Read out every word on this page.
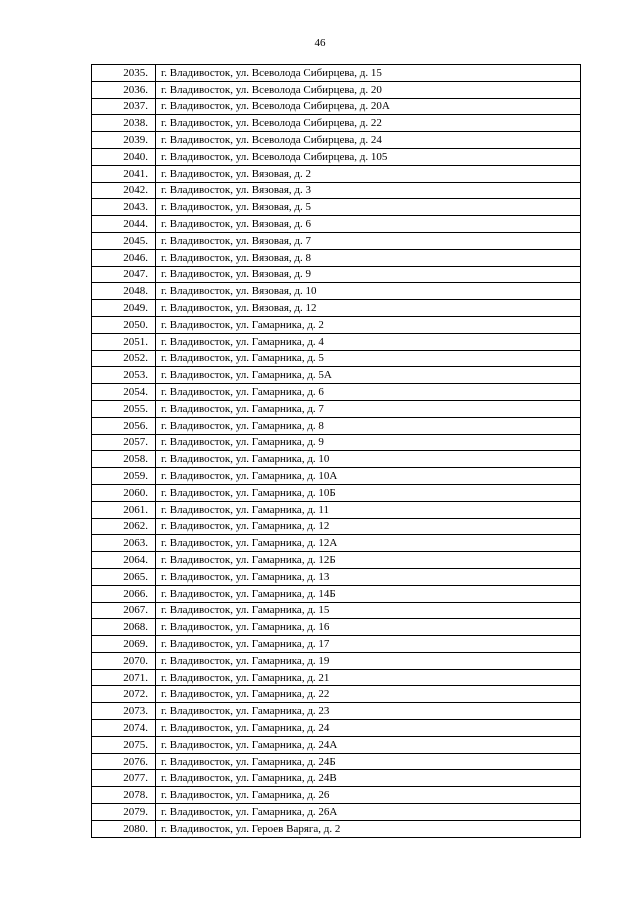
46
2035.	г. Владивосток, ул. Всеволода Сибирцева, д. 15
2036.	г. Владивосток, ул. Всеволода Сибирцева, д. 20
2037.	г. Владивосток, ул. Всеволода Сибирцева, д. 20А
2038.	г. Владивосток, ул. Всеволода Сибирцева, д. 22
2039.	г. Владивосток, ул. Всеволода Сибирцева, д. 24
2040.	г. Владивосток, ул. Всеволода Сибирцева, д. 105
2041.	г. Владивосток, ул. Вязовая, д. 2
2042.	г. Владивосток, ул. Вязовая, д. 3
2043.	г. Владивосток, ул. Вязовая, д. 5
2044.	г. Владивосток, ул. Вязовая, д. 6
2045.	г. Владивосток, ул. Вязовая, д. 7
2046.	г. Владивосток, ул. Вязовая, д. 8
2047.	г. Владивосток, ул. Вязовая, д. 9
2048.	г. Владивосток, ул. Вязовая, д. 10
2049.	г. Владивосток, ул. Вязовая, д. 12
2050.	г. Владивосток, ул. Гамарника, д. 2
2051.	г. Владивосток, ул. Гамарника, д. 4
2052.	г. Владивосток, ул. Гамарника, д. 5
2053.	г. Владивосток, ул. Гамарника, д. 5А
2054.	г. Владивосток, ул. Гамарника, д. 6
2055.	г. Владивосток, ул. Гамарника, д. 7
2056.	г. Владивосток, ул. Гамарника, д. 8
2057.	г. Владивосток, ул. Гамарника, д. 9
2058.	г. Владивосток, ул. Гамарника, д. 10
2059.	г. Владивосток, ул. Гамарника, д. 10А
2060.	г. Владивосток, ул. Гамарника, д. 10Б
2061.	г. Владивосток, ул. Гамарника, д. 11
2062.	г. Владивосток, ул. Гамарника, д. 12
2063.	г. Владивосток, ул. Гамарника, д. 12А
2064.	г. Владивосток, ул. Гамарника, д. 12Б
2065.	г. Владивосток, ул. Гамарника, д. 13
2066.	г. Владивосток, ул. Гамарника, д. 14Б
2067.	г. Владивосток, ул. Гамарника, д. 15
2068.	г. Владивосток, ул. Гамарника, д. 16
2069.	г. Владивосток, ул. Гамарника, д. 17
2070.	г. Владивосток, ул. Гамарника, д. 19
2071.	г. Владивосток, ул. Гамарника, д. 21
2072.	г. Владивосток, ул. Гамарника, д. 22
2073.	г. Владивосток, ул. Гамарника, д. 23
2074.	г. Владивосток, ул. Гамарника, д. 24
2075.	г. Владивосток, ул. Гамарника, д. 24А
2076.	г. Владивосток, ул. Гамарника, д. 24Б
2077.	г. Владивосток, ул. Гамарника, д. 24В
2078.	г. Владивосток, ул. Гамарника, д. 26
2079.	г. Владивосток, ул. Гамарника, д. 26А
2080.	г. Владивосток, ул. Героев Варяга, д. 2
